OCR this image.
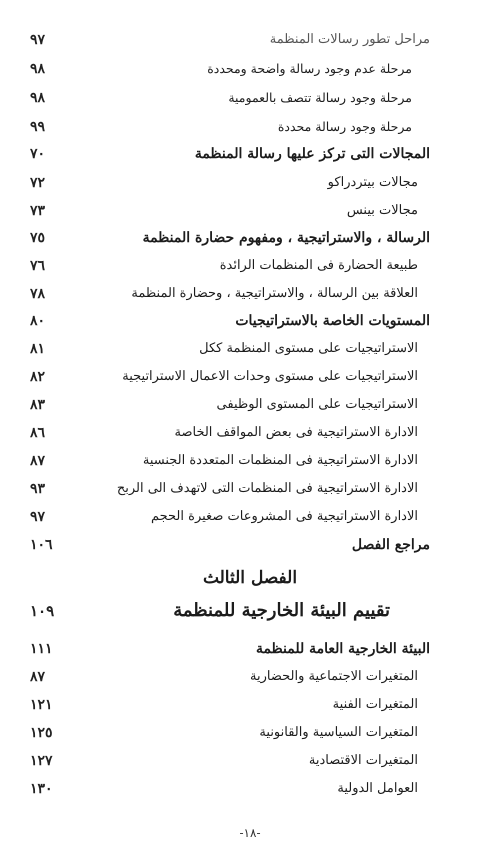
مراحل تطور رسالات المنظمة
٩٧
مرحلة عدم وجود رسالة واضحة ومحددة
٩٨
مرحلة وجود رسالة تتصف بالعمومية
٩٨
مرحلة وجود رسالة محددة
٩٩
المجالات التى تركز عليها رسالة المنظمة
٧٠
مجالات بيتردراكو
٧٢
مجالات بينس
٧٣
الرسالة ، والاستراتيجية ، ومفهوم حضارة المنظمة
٧٥
طبيعة الحضارة فى المنظمات الرائدة
٧٦
العلاقة بين الرسالة ، والاستراتيجية ، وحضارة المنظمة
٧٨
المستويات الخاصة بالاستراتيجيات
٨٠
الاستراتيجيات على مستوى المنظمة ككل
٨١
الاستراتيجيات على مستوى وحدات الاعمال الاستراتيجية
٨٢
الاستراتيجيات على المستوى الوظيفى
٨٣
الادارة الاستراتيجية فى بعض المواقف الخاصة
٨٦
الادارة الاستراتيجية فى المنظمات المتعددة الجنسية
٨٧
الادارة الاستراتيجية فى المنظمات التى لاتهدف الى الربح
٩٣
الادارة الاستراتيجية فى المشروعات صغيرة الحجم
٩٧
مراجع الفصل
١٠٦
الفصل الثالث
تقييم البيئة الخارجية للمنظمة
١٠٩
البيئة الخارجية العامة للمنظمة
١١١
المتغيرات الاجتماعية والحضارية
٨٧
المتغيرات الفنية
١٢١
المتغيرات السياسية والقانونية
١٢٥
المتغيرات الاقتصادية
١٢٧
العوامل الدولية
١٣٠
-١٨-
